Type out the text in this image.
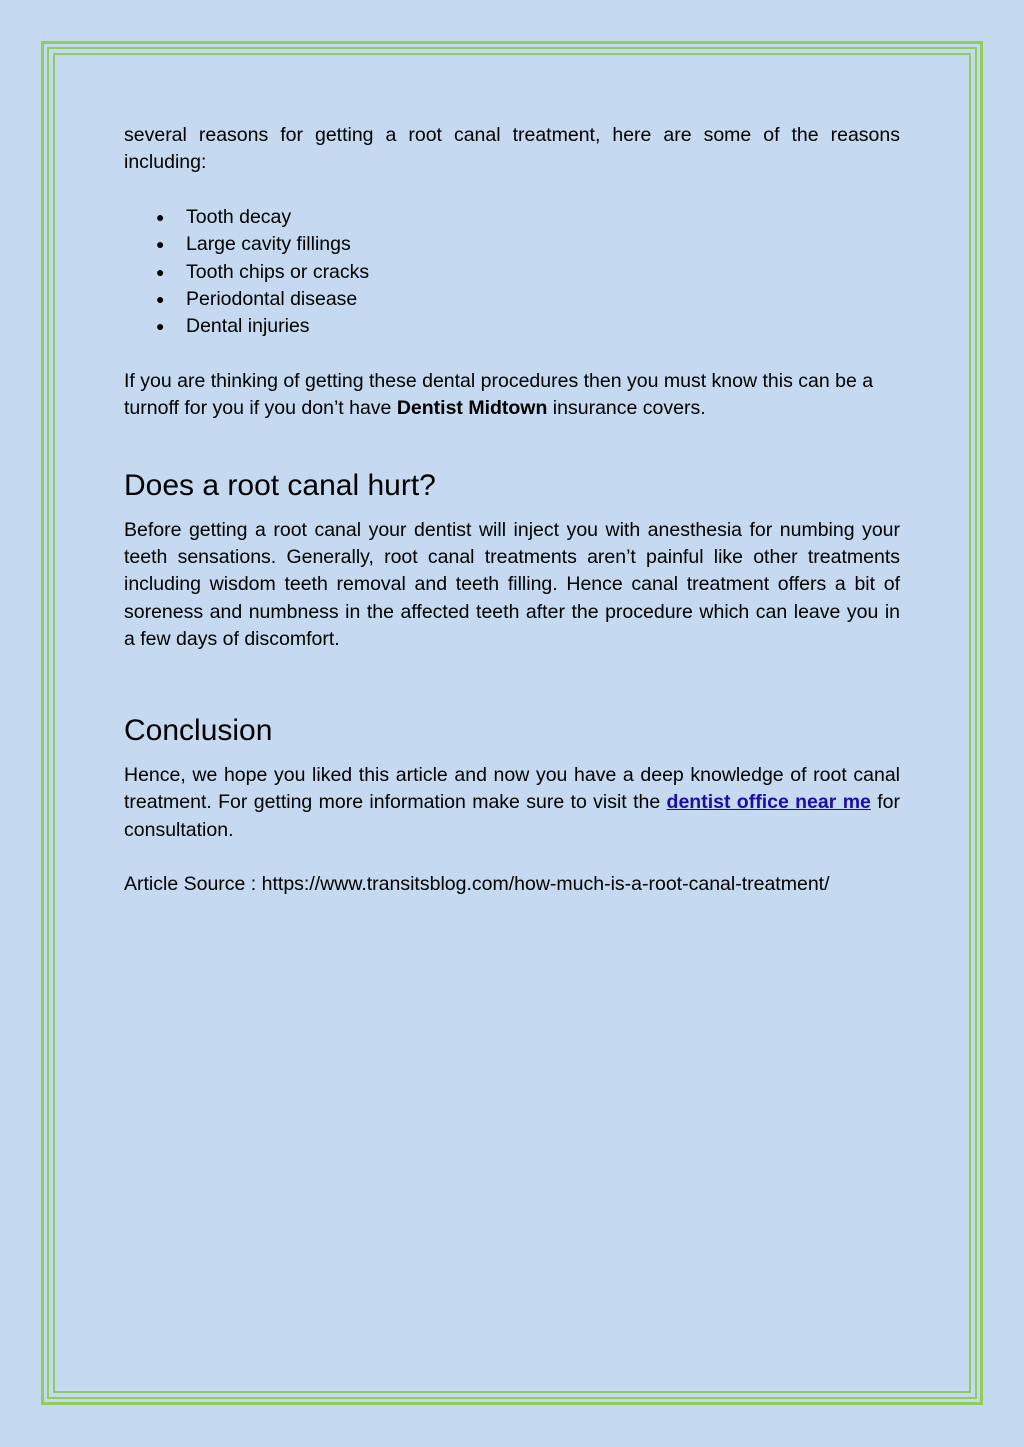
several reasons for getting a root canal treatment, here are some of the reasons including:

● Tooth decay
● Large cavity fillings
● Tooth chips or cracks
● Periodontal disease
● Dental injuries

If you are thinking of getting these dental procedures then you must know this can be a turnoff for you if you don’t have Dentist Midtown insurance covers.

Does a root canal hurt?

Before getting a root canal your dentist will inject you with anesthesia for numbing your teeth sensations. Generally, root canal treatments aren’t painful like other treatments including wisdom teeth removal and teeth filling. Hence canal treatment offers a bit of soreness and numbness in the affected teeth after the procedure which can leave you in a few days of discomfort.

Conclusion

Hence, we hope you liked this article and now you have a deep knowledge of root canal treatment. For getting more information make sure to visit the dentist office near me for consultation.

Article Source : https://www.transitsblog.com/how-much-is-a-root-canal-treatment/
